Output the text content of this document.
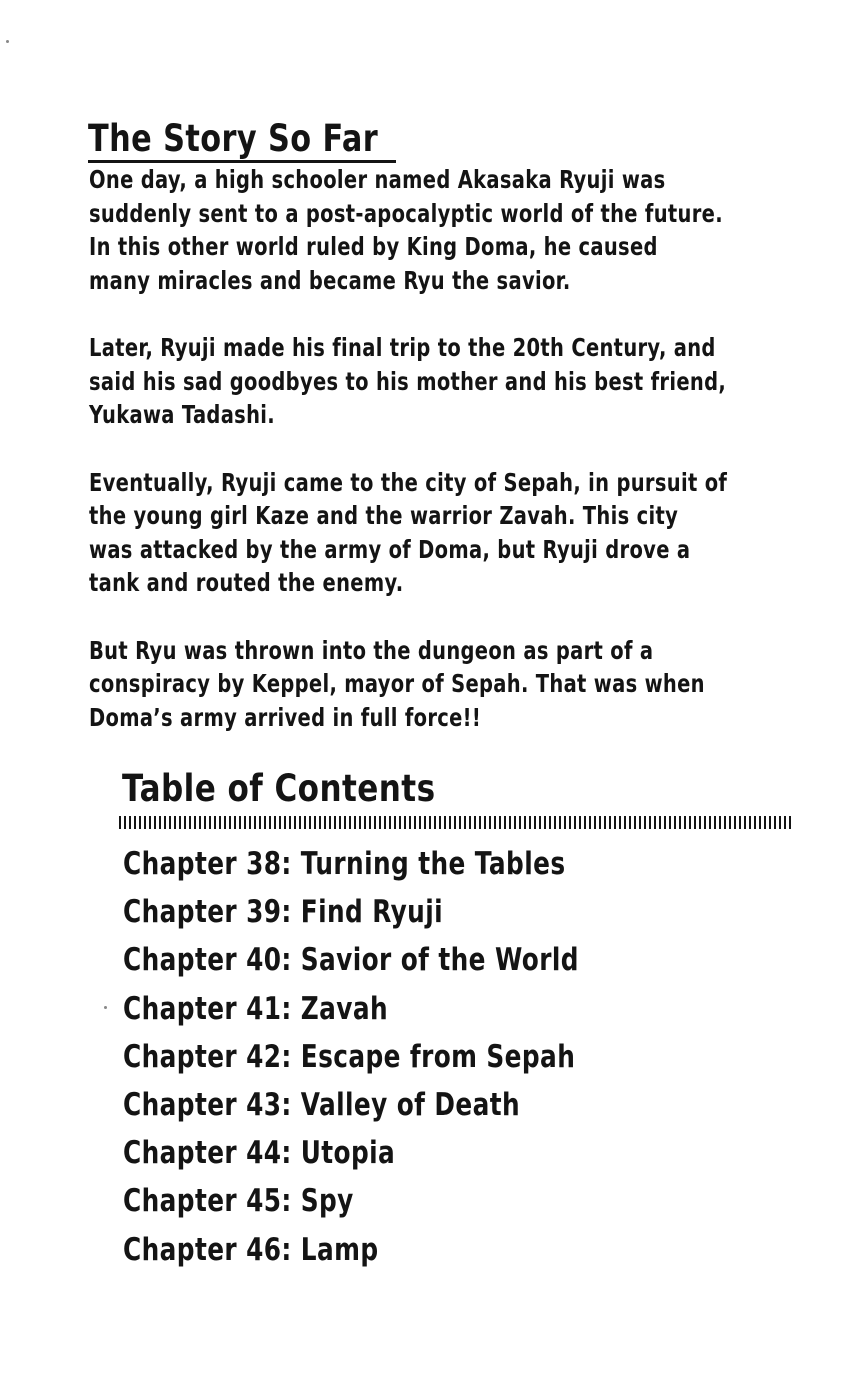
The Story So Far

One day, a high schooler named Akasaka Ryuji was
suddenly sent to a post-apocalyptic world of the future.
In this other world ruled by King Doma, he caused
many miracles and became Ryu the savior.

Later, Ryuji made his final trip to the 20th Century, and
said his sad goodbyes to his mother and his best friend,
Yukawa Tadashi.

Eventually, Ryuji came to the city of Sepah, in pursuit of
the young girl Kaze and the warrior Zavah. This city
was attacked by the army of Doma, but Ryuji drove a
tank and routed the enemy.

But Ryu was thrown into the dungeon as part of a
conspiracy by Keppel, mayor of Sepah. That was when
Doma’s army arrived in full force!!

Table of Contents
Chapter 38: Turning the Tables
Chapter 39: Find Ryuji
Chapter 40: Savior of the World
Chapter 41: Zavah
Chapter 42: Escape from Sepah
Chapter 43: Valley of Death
Chapter 44: Utopia
Chapter 45: Spy
Chapter 46: Lamp
